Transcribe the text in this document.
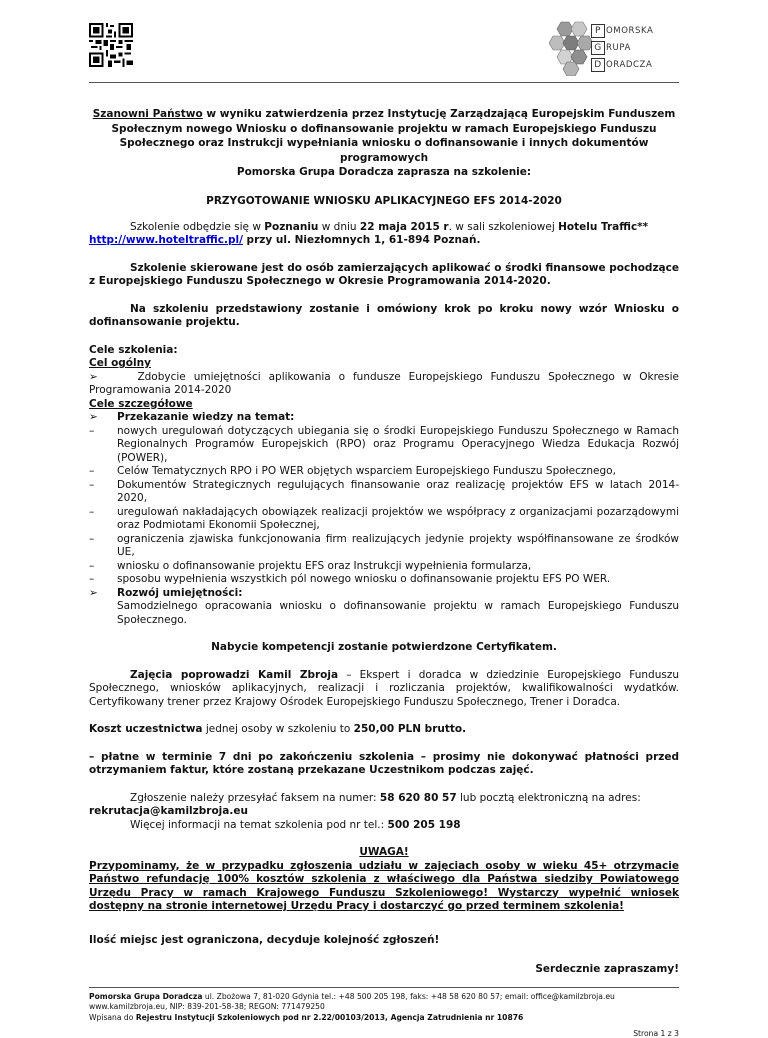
P OMORSKA
G RUPA
D ORADCZA
Szanowni Państwo w wyniku zatwierdzenia przez Instytucję Zarządzającą Europejskim Funduszem Społecznym nowego Wniosku o dofinansowanie projektu w ramach Europejskiego Funduszu Społecznego oraz Instrukcji wypełniania wniosku o dofinansowanie i innych dokumentów programowych
Pomorska Grupa Doradcza zaprasza na szkolenie:
PRZYGOTOWANIE WNIOSKU APLIKACYJNEGO EFS 2014-2020

Szkolenie odbędzie się w Poznaniu w dniu 22 maja 2015 r. w sali szkoleniowej Hotelu Traffic** http://www.hoteltraffic.pl/ przy ul. Niezłomnych 1, 61-894 Poznań.

Szkolenie skierowane jest do osób zamierzających aplikować o środki finansowe pochodzące z Europejskiego Funduszu Społecznego w Okresie Programowania 2014-2020.

Na szkoleniu przedstawiony zostanie i omówiony krok po kroku nowy wzór Wniosku o dofinansowanie projektu.

Cele szkolenia:

Cel ogólny

➢	Zdobycie umiejętności aplikowania o fundusze Europejskiego Funduszu Społecznego w Okresie Programowania 2014-2020

Cele szczegółowe

➢	Przekazanie wiedzy na temat:
–	nowych uregulowań dotyczących ubiegania się o środki Europejskiego Funduszu Społecznego w Ramach Regionalnych Programów Europejskich (RPO) oraz Programu Operacyjnego Wiedza Edukacja Rozwój (POWER),
–	Celów Tematycznych RPO i PO WER objętych wsparciem Europejskiego Funduszu Społecznego,
–	Dokumentów Strategicznych regulujących finansowanie oraz realizację projektów EFS w latach 2014-2020,
–	uregulowań nakładających obowiązek realizacji projektów we współpracy z organizacjami pozarządowymi oraz Podmiotami Ekonomii Społecznej,
–	ograniczenia zjawiska funkcjonowania firm realizujących jedynie projekty współfinansowane ze środków UE,
–	wniosku o dofinansowanie projektu EFS oraz Instrukcji wypełnienia formularza,
–	sposobu wypełnienia wszystkich pól nowego wniosku o dofinansowanie projektu EFS PO WER.
➢	Rozwój umiejętności:
Samodzielnego opracowania wniosku o dofinansowanie projektu w ramach Europejskiego Funduszu Społecznego.

Nabycie kompetencji zostanie potwierdzone Certyfikatem.

Zajęcia poprowadzi Kamil Zbroja – Ekspert i doradca w dziedzinie Europejskiego Funduszu Społecznego, wniosków aplikacyjnych, realizacji i rozliczania projektów, kwalifikowalności wydatków. Certyfikowany trener przez Krajowy Ośrodek Europejskiego Funduszu Społecznego, Trener i Doradca.

Koszt uczestnictwa jednej osoby w szkoleniu to 250,00 PLN brutto.

– płatne w terminie 7 dni po zakończeniu szkolenia – prosimy nie dokonywać płatności przed otrzymaniem faktur, które zostaną przekazane Uczestnikom podczas zajęć.

Zgłoszenie należy przesyłać faksem na numer: 58 620 80 57 lub pocztą elektroniczną na adres:

rekrutacja@kamilzbroja.eu

Więcej informacji na temat szkolenia pod nr tel.: 500 205 198

UWAGA!

Przypominamy, że w przypadku zgłoszenia udziału w zajęciach osoby w wieku 45+ otrzymacie Państwo refundację 100% kosztów szkolenia z właściwego dla Państwa siedziby Powiatowego Urzędu Pracy w ramach Krajowego Funduszu Szkoleniowego! Wystarczy wypełnić wniosek dostępny na stronie internetowej Urzędu Pracy i dostarczyć go przed terminem szkolenia!

Ilość miejsc jest ograniczona, decyduje kolejność zgłoszeń!

Serdecznie zapraszamy!

Pomorska Grupa Doradcza ul. Zbożowa 7, 81-020 Gdynia tel.: +48 500 205 198, faks: +48 58 620 80 57; email: office@kamilzbroja.eu
www.kamilzbroja.eu, NIP: 839-201-58-38; REGON: 771479250
Wpisana do Rejestru Instytucji Szkoleniowych pod nr 2.22/00103/2013, Agencja Zatrudnienia nr 10876
Strona 1 z 3
